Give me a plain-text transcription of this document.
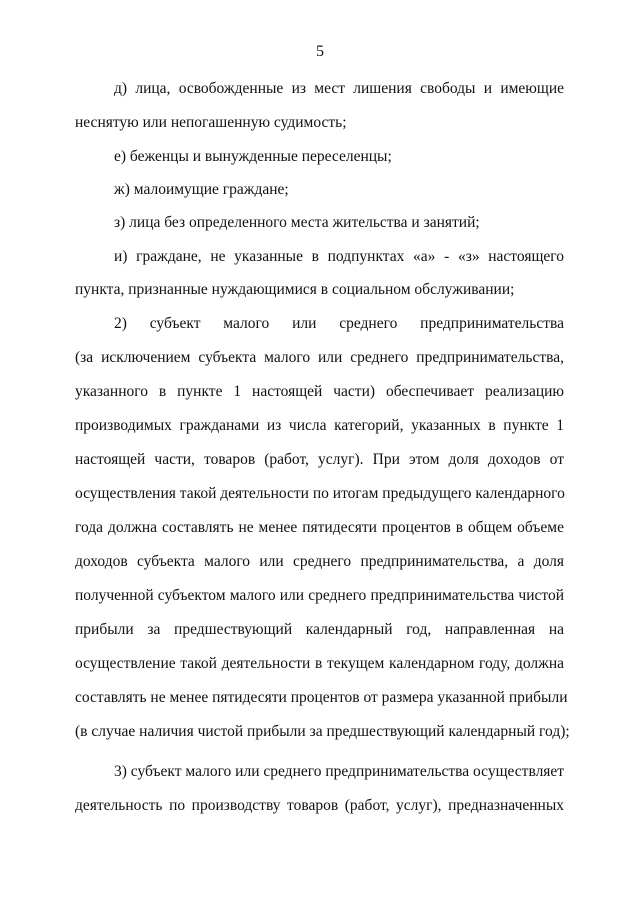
5
д) лица, освобожденные из мест лишения свободы и имеющие
неснятую или непогашенную судимость;
е) беженцы и вынужденные переселенцы;
ж) малоимущие граждане;
з) лица без определенного места жительства и занятий;
и) граждане, не указанные в подпунктах «а» - «з» настоящего
пункта, признанные нуждающимися в социальном обслуживании;
2) субъект малого или среднего предпринимательства
(за исключением субъекта малого или среднего предпринимательства,
указанного в пункте 1 настоящей части) обеспечивает реализацию
производимых гражданами из числа категорий, указанных в пункте 1
настоящей части, товаров (работ, услуг). При этом доля доходов от
осуществления такой деятельности по итогам предыдущего календарного
года должна составлять не менее пятидесяти процентов в общем объеме
доходов субъекта малого или среднего предпринимательства, а доля
полученной субъектом малого или среднего предпринимательства чистой
прибыли за предшествующий календарный год, направленная на
осуществление такой деятельности в текущем календарном году, должна
составлять не менее пятидесяти процентов от размера указанной прибыли
(в случае наличия чистой прибыли за предшествующий календарный год);
3) субъект малого или среднего предпринимательства осуществляет
деятельность по производству товаров (работ, услуг), предназначенных
